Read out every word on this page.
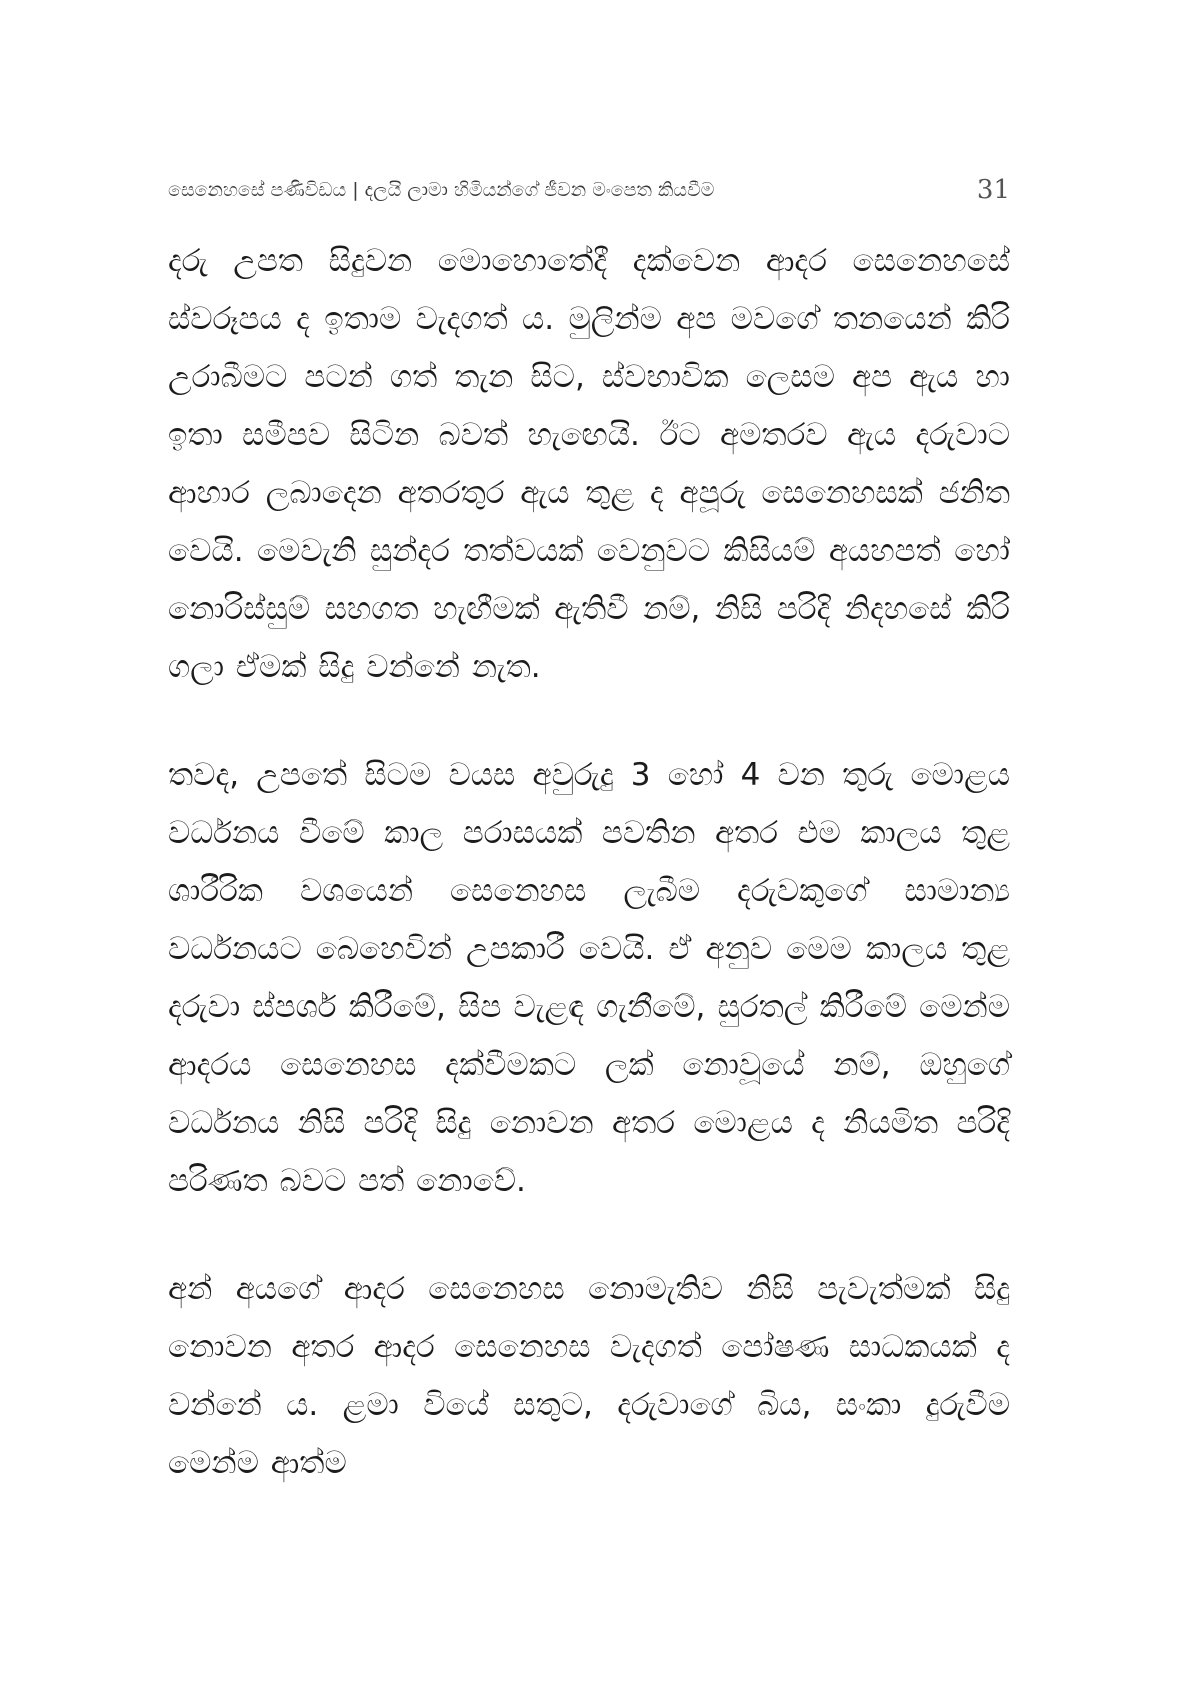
සෙනෙහසේ පණිවිඩය | දලයි ලාමා හිමියන්ගේ ජීවන මංපෙත කියවීම	31

දරු උපත සිදුවන මොහොතේදී දක්වෙන ආදර සෙනෙහසේ ස්වරූපය ද ඉතාම වැදගත් ය. මුලින්ම අප මවගේ තනයෙන් කිරි උරාබීමට පටන් ගත් තැන සිට, ස්වභාවික ලෙසම අප ඇය හා ඉතා සමීපව සිටින බවත් හැඟෙයි. ඊට අමතරව ඇය දරුවාට ආහාර ලබාදෙන අතරතුර ඇය තුළ ද අපූරු සෙනෙහසක් ජනිත වෙයි. මෙවැනි සුන්දර තත්වයක් වෙනුවට කිසියම් අයහපත් හෝ නොරිස්සුම් සහගත හැඟීමක් ඇතිවී නම්, නිසි පරිදි නිදහසේ කිරි ගලා ඒමක් සිදු වන්නේ නැත.

තවද, උපතේ සිටම වයස අවුරුදු 3 හෝ 4 වන තුරු මොළය වර්ධනය වීමේ කාල පරාසයක් පවතින අතර එම කාලය තුළ ශාරීරික වශයෙන් සෙනෙහස ලැබීම දරුවකුගේ සාමාන්‍ය වර්ධනයට බෙහෙවින් උපකාරී වෙයි. ඒ අනුව මෙම කාලය තුළ දරුවා ස්පර්ශ කිරීමේ, සිප වැළඳ ගැනීමේ, සුරතල් කිරීමේ මෙන්ම ආදරය සෙනෙහස දක්වීමකට ලක් නොවූයේ නම්, ඔහුගේ වර්ධනය නිසි පරිදි සිදු නොවන අතර මොළය ද නියමිත පරිදි පරිණත බවට පත් නොවේ.

අන් අයගේ ආදර සෙනෙහස නොමැතිව නිසි පැවැත්මක් සිදු නොවන අතර ආදර සෙනෙහස වැදගත් පෝෂණ සාධකයක් ද වන්නේ ය. ළමා වියේ සතුට, දරුවාගේ බිය, සංකා දුරුවීම මෙන්ම ආත්ම
